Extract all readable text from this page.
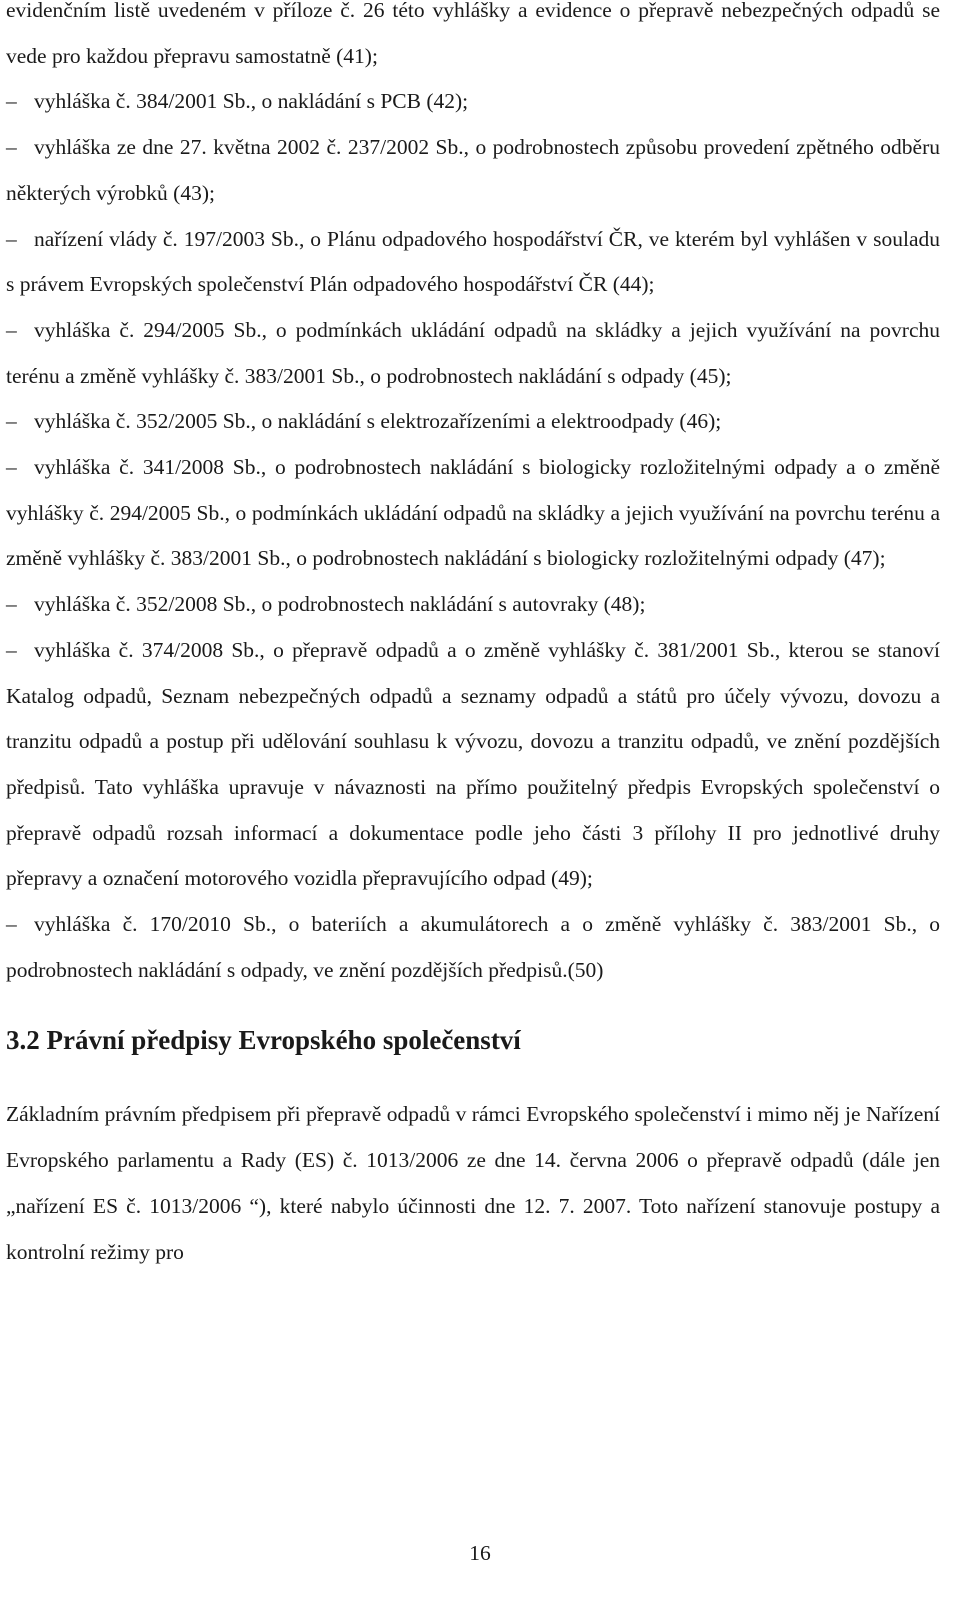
evidenčním listě uvedeném v příloze č. 26 této vyhlášky a evidence o přepravě nebezpečných odpadů se vede pro každou přepravu samostatně (41);

– vyhláška č. 384/2001 Sb., o nakládání s PCB (42);
– vyhláška ze dne 27. května 2002 č. 237/2002 Sb., o podrobnostech způsobu provedení zpětného odběru některých výrobků (43);
– nařízení vlády č. 197/2003 Sb., o Plánu odpadového hospodářství ČR, ve kterém byl vyhlášen v souladu s právem Evropských společenství Plán odpadového hospodářství ČR (44);
– vyhláška č. 294/2005 Sb., o podmínkách ukládání odpadů na skládky a jejich využívání na povrchu terénu a změně vyhlášky č. 383/2001 Sb., o podrobnostech nakládání s odpady (45);
– vyhláška č. 352/2005 Sb., o nakládání s elektrozařízeními a elektroodpady (46);
– vyhláška č. 341/2008 Sb., o podrobnostech nakládání s biologicky rozložitelnými odpady a o změně vyhlášky č. 294/2005 Sb., o podmínkách ukládání odpadů na skládky a jejich využívání na povrchu terénu a změně vyhlášky č. 383/2001 Sb., o podrobnostech nakládání s biologicky rozložitelnými odpady (47);
– vyhláška č. 352/2008 Sb., o podrobnostech nakládání s autovraky (48);
– vyhláška č. 374/2008 Sb., o přepravě odpadů a o změně vyhlášky č. 381/2001 Sb., kterou se stanoví Katalog odpadů, Seznam nebezpečných odpadů a seznamy odpadů a států pro účely vývozu, dovozu a tranzitu odpadů a postup při udělování souhlasu k vývozu, dovozu a tranzitu odpadů, ve znění pozdějších předpisů. Tato vyhláška upravuje v návaznosti na přímo použitelný předpis Evropských společenství o přepravě odpadů rozsah informací a dokumentace podle jeho části 3 přílohy II pro jednotlivé druhy přepravy a označení motorového vozidla přepravujícího odpad (49);
– vyhláška č. 170/2010 Sb., o bateriích a akumulátorech a o změně vyhlášky č. 383/2001 Sb., o podrobnostech nakládání s odpady, ve znění pozdějších předpisů.(50)
3.2 Právní předpisy Evropského společenství

Základním právním předpisem při přepravě odpadů v rámci Evropského společenství i mimo něj je Nařízení Evropského parlamentu a Rady (ES) č. 1013/2006 ze dne 14. června 2006 o přepravě odpadů (dále jen „nařízení ES č. 1013/2006 “), které nabylo účinnosti dne 12. 7. 2007. Toto nařízení stanovuje postupy a kontrolní režimy pro

16
